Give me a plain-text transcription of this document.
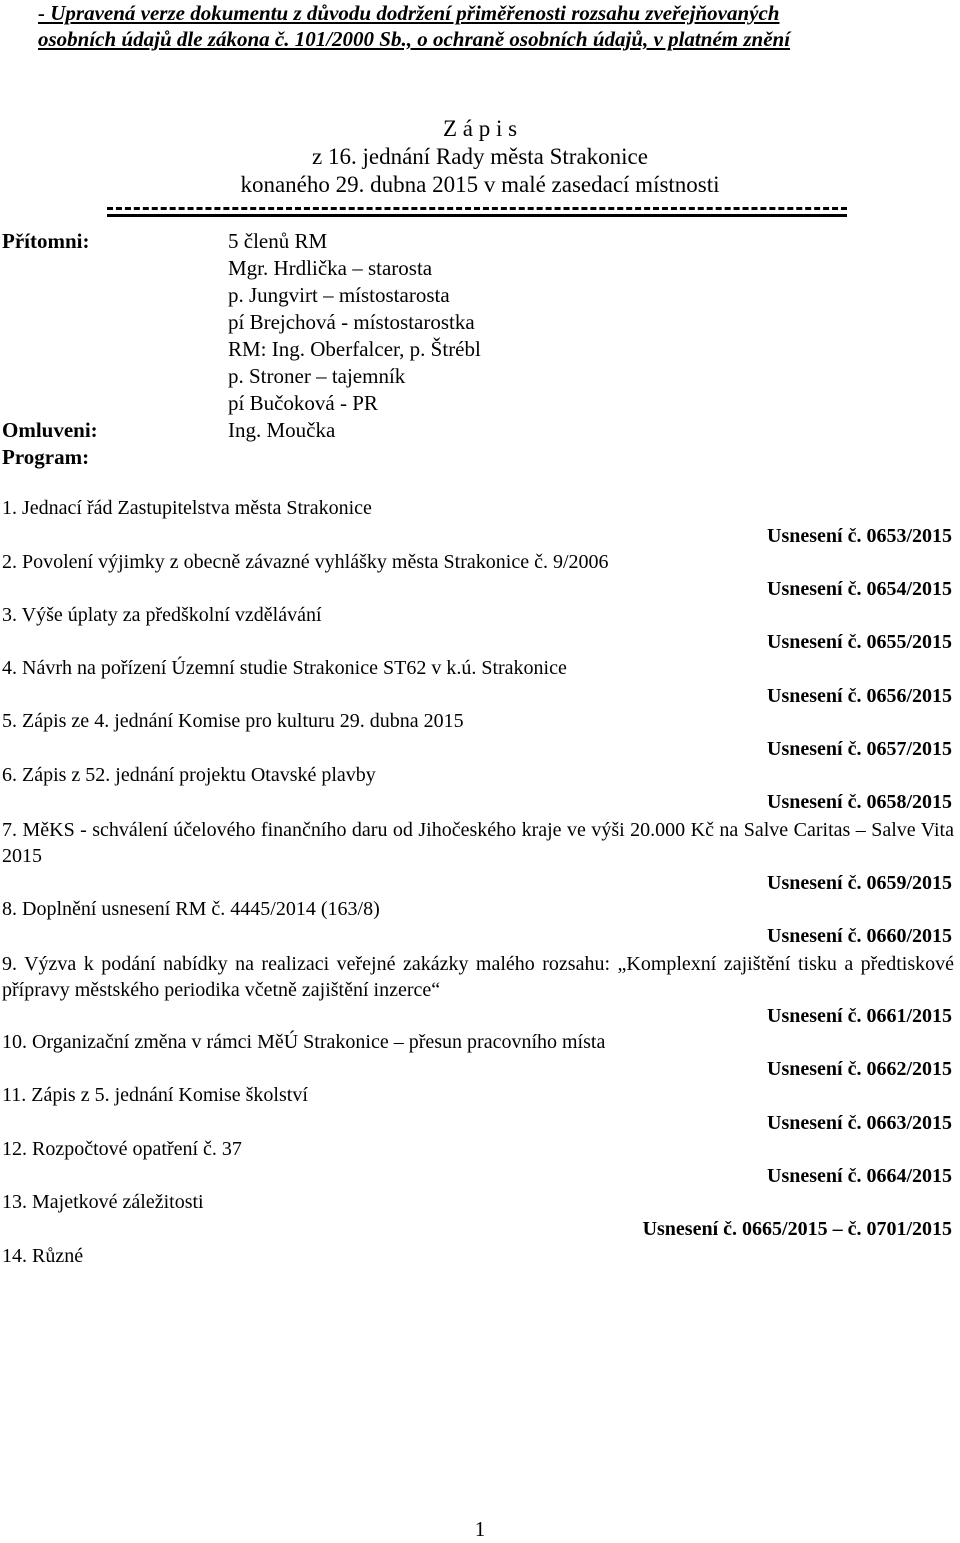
- Upravená verze dokumentu z důvodu dodržení přiměřenosti rozsahu zveřejňovaných
osobních údajů dle zákona č. 101/2000 Sb., o ochraně osobních údajů, v platném znění
Z á p i s
z 16. jednání Rady města Strakonice
konaného 29. dubna 2015 v malé zasedací místnosti
Přítomni:	5 členů RM
Mgr. Hrdlička – starosta
p. Jungvirt – místostarosta
pí Brejchová - místostarostka
RM: Ing. Oberfalcer, p. Štrébl
p. Stroner – tajemník
pí Bučoková - PR
Omluveni:	Ing. Moučka
Program:
1. Jednací řád Zastupitelstva města Strakonice
Usnesení č. 0653/2015
2. Povolení výjimky z obecně závazné vyhlášky města Strakonice č. 9/2006
Usnesení č. 0654/2015
3. Výše úplaty za předškolní vzdělávání
Usnesení č. 0655/2015
4. Návrh na pořízení Územní studie Strakonice ST62 v k.ú. Strakonice
Usnesení č. 0656/2015
5. Zápis ze 4. jednání Komise pro kulturu 29. dubna 2015
Usnesení č. 0657/2015
6. Zápis z 52. jednání projektu Otavské plavby
Usnesení č. 0658/2015
7. MěKS - schválení účelového finančního daru od Jihočeského kraje ve výši 20.000 Kč na Salve Caritas – Salve Vita 2015
Usnesení č. 0659/2015
8. Doplnění usnesení RM č. 4445/2014 (163/8)
Usnesení č. 0660/2015
9. Výzva k podání nabídky na realizaci veřejné zakázky malého rozsahu: „Komplexní zajištění tisku a předtiskové přípravy městského periodika včetně zajištění inzerce“
Usnesení č. 0661/2015
10. Organizační změna v rámci MěÚ Strakonice – přesun pracovního místa
Usnesení č. 0662/2015
11. Zápis z 5. jednání Komise školství
Usnesení č. 0663/2015
12. Rozpočtové opatření č. 37
Usnesení č. 0664/2015
13. Majetkové záležitosti
Usnesení č. 0665/2015 – č. 0701/2015
14. Různé
1
